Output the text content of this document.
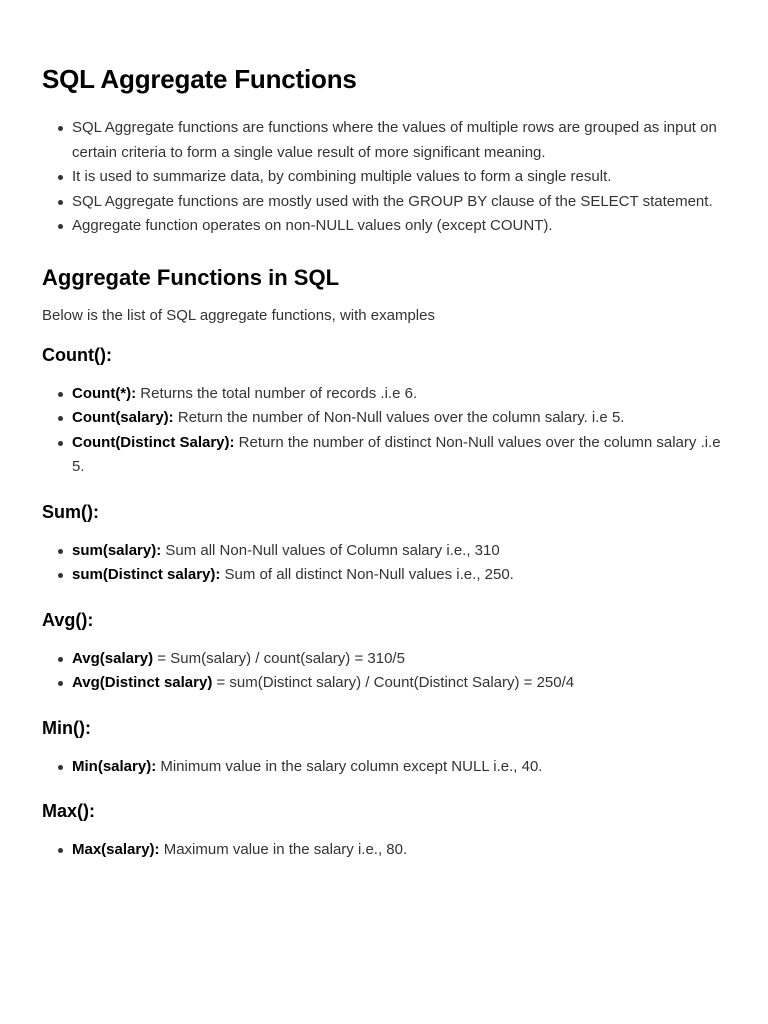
SQL Aggregate Functions
SQL Aggregate functions are functions where the values of multiple rows are grouped as input on certain criteria to form a single value result of more significant meaning.
It is used to summarize data, by combining multiple values to form a single result.
SQL Aggregate functions are mostly used with the GROUP BY clause of the SELECT statement.
Aggregate function operates on non-NULL values only (except COUNT).
Aggregate Functions in SQL

Below is the list of SQL aggregate functions, with examples

Count():
Count(*): Returns the total number of records .i.e 6.
Count(salary): Return the number of Non-Null values over the column salary. i.e 5.
Count(Distinct Salary): Return the number of distinct Non-Null values over the column salary .i.e 5.
Sum():
sum(salary): Sum all Non-Null values of Column salary i.e., 310
sum(Distinct salary): Sum of all distinct Non-Null values i.e., 250.
Avg():
Avg(salary) = Sum(salary) / count(salary) = 310/5
Avg(Distinct salary) = sum(Distinct salary) / Count(Distinct Salary) = 250/4
Min():
Min(salary): Minimum value in the salary column except NULL i.e., 40.
Max():
Max(salary): Maximum value in the salary i.e., 80.
